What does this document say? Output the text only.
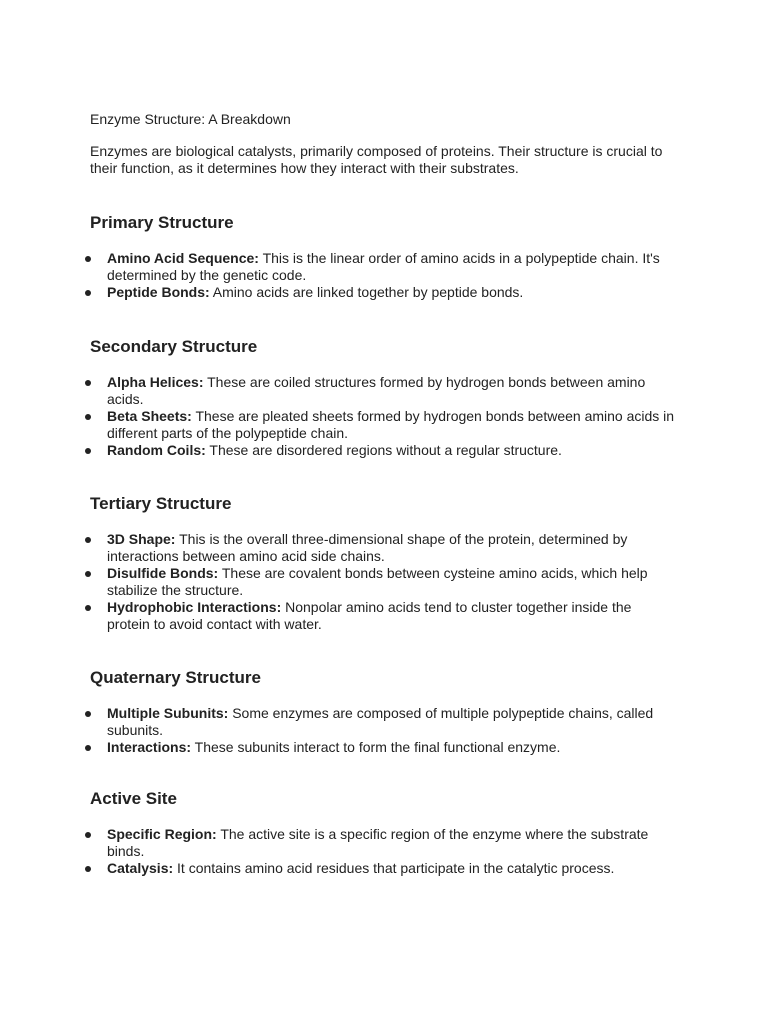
Enzyme Structure: A Breakdown
Enzymes are biological catalysts, primarily composed of proteins. Their structure is crucial to their function, as it determines how they interact with their substrates.
Primary Structure
Amino Acid Sequence: This is the linear order of amino acids in a polypeptide chain. It's determined by the genetic code.
Peptide Bonds: Amino acids are linked together by peptide bonds.
Secondary Structure
Alpha Helices: These are coiled structures formed by hydrogen bonds between amino acids.
Beta Sheets: These are pleated sheets formed by hydrogen bonds between amino acids in different parts of the polypeptide chain.
Random Coils: These are disordered regions without a regular structure.
Tertiary Structure
3D Shape: This is the overall three-dimensional shape of the protein, determined by interactions between amino acid side chains.
Disulfide Bonds: These are covalent bonds between cysteine amino acids, which help stabilize the structure.
Hydrophobic Interactions: Nonpolar amino acids tend to cluster together inside the protein to avoid contact with water.
Quaternary Structure
Multiple Subunits: Some enzymes are composed of multiple polypeptide chains, called subunits.
Interactions: These subunits interact to form the final functional enzyme.
Active Site
Specific Region: The active site is a specific region of the enzyme where the substrate binds.
Catalysis: It contains amino acid residues that participate in the catalytic process.
